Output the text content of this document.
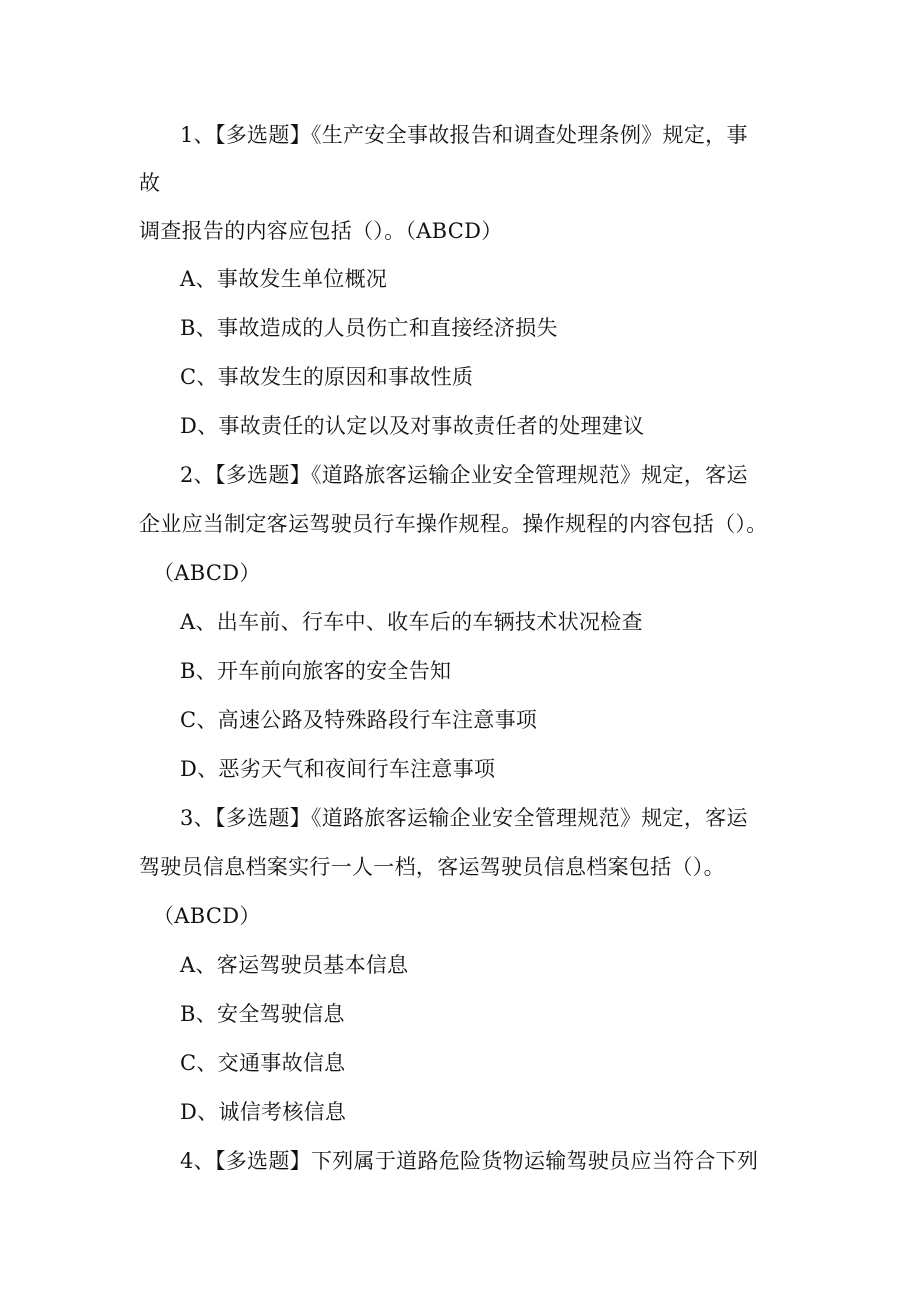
1、【多选题】《生产安全事故报告和调查处理条例》规定，事
故
调查报告的内容应包括（）。（ABCD）
A、事故发生单位概况
B、事故造成的人员伤亡和直接经济损失
C、事故发生的原因和事故性质
D、事故责任的认定以及对事故责任者的处理建议
2、【多选题】《道路旅客运输企业安全管理规范》规定，客运
企业应当制定客运驾驶员行车操作规程。操作规程的内容包括（）。
（ABCD）
A、出车前、行车中、收车后的车辆技术状况检查
B、开车前向旅客的安全告知
C、高速公路及特殊路段行车注意事项
D、恶劣天气和夜间行车注意事项
3、【多选题】《道路旅客运输企业安全管理规范》规定，客运
驾驶员信息档案实行一人一档，客运驾驶员信息档案包括（）。
（ABCD）
A、客运驾驶员基本信息
B、安全驾驶信息
C、交通事故信息
D、诚信考核信息
4、【多选题】下列属于道路危险货物运输驾驶员应当符合下列
